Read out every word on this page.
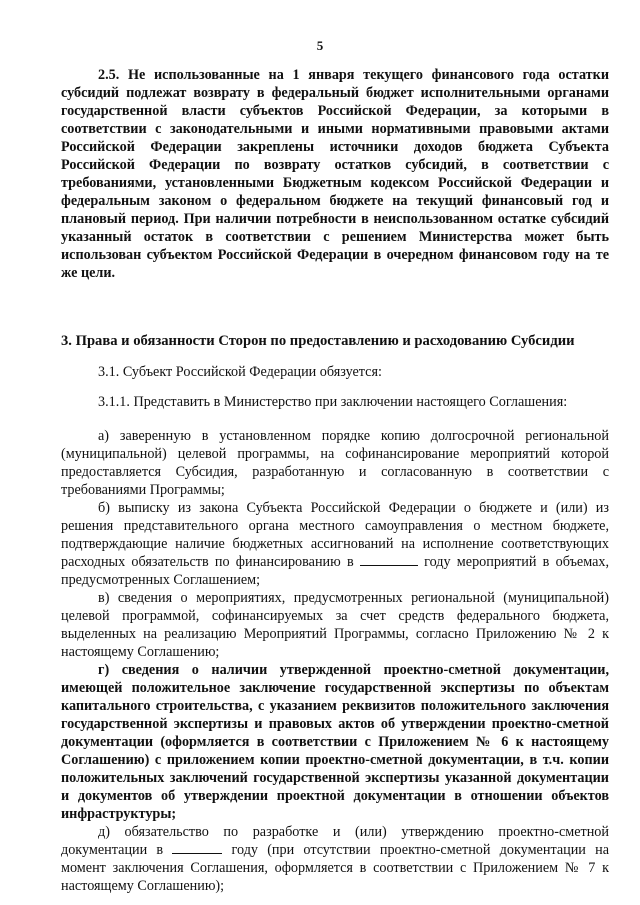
5

2.5. Не использованные на 1 января текущего финансового года остатки субсидий подлежат возврату в федеральный бюджет исполнительными органами государственной власти субъектов Российской Федерации, за которыми в соответствии с законодательными и иными нормативными правовыми актами Российской Федерации закреплены источники доходов бюджета Субъекта Российской Федерации по возврату остатков субсидий, в соответствии с требованиями, установленными Бюджетным кодексом Российской Федерации и федеральным законом о федеральном бюджете на текущий финансовый год и плановый период. При наличии потребности в неиспользованном остатке субсидий указанный остаток в соответствии с решением Министерства может быть использован субъектом Российской Федерации в очередном финансовом году на те же цели.

3. Права и обязанности Сторон по предоставлению и расходованию Субсидии

3.1. Субъект Российской Федерации обязуется:

3.1.1. Представить в Министерство при заключении настоящего Соглашения:

а) заверенную в установленном порядке копию долгосрочной региональной (муниципальной) целевой программы, на софинансирование мероприятий которой предоставляется Субсидия, разработанную и согласованную в соответствии с требованиями Программы;

б) выписку из закона Субъекта Российской Федерации о бюджете и (или) из решения представительного органа местного самоуправления о местном бюджете, подтверждающие наличие бюджетных ассигнований на исполнение соответствующих расходных обязательств по финансированию в	году мероприятий в объемах, предусмотренных Соглашением;

в) сведения о мероприятиях, предусмотренных региональной (муниципальной) целевой программой, софинансируемых за счет средств федерального бюджета, выделенных на реализацию Мероприятий Программы, согласно Приложению № 2 к настоящему Соглашению;

г) сведения о наличии утвержденной проектно-сметной документации, имеющей положительное заключение государственной экспертизы по объектам капитального строительства, с указанием реквизитов положительного заключения государственной экспертизы и правовых актов об утверждении проектно-сметной документации (оформляется в соответствии с Приложением № 6 к настоящему Соглашению) с приложением копии проектно-сметной документации, в т.ч. копии положительных заключений государственной экспертизы указанной документации и документов об утверждении проектной документации в отношении объектов инфраструктуры;

д) обязательство по разработке и (или) утверждению проектно-сметной документации в	году (при отсутствии проектно-сметной документации на момент заключения Соглашения, оформляется в соответствии с Приложением № 7 к настоящему Соглашению);
